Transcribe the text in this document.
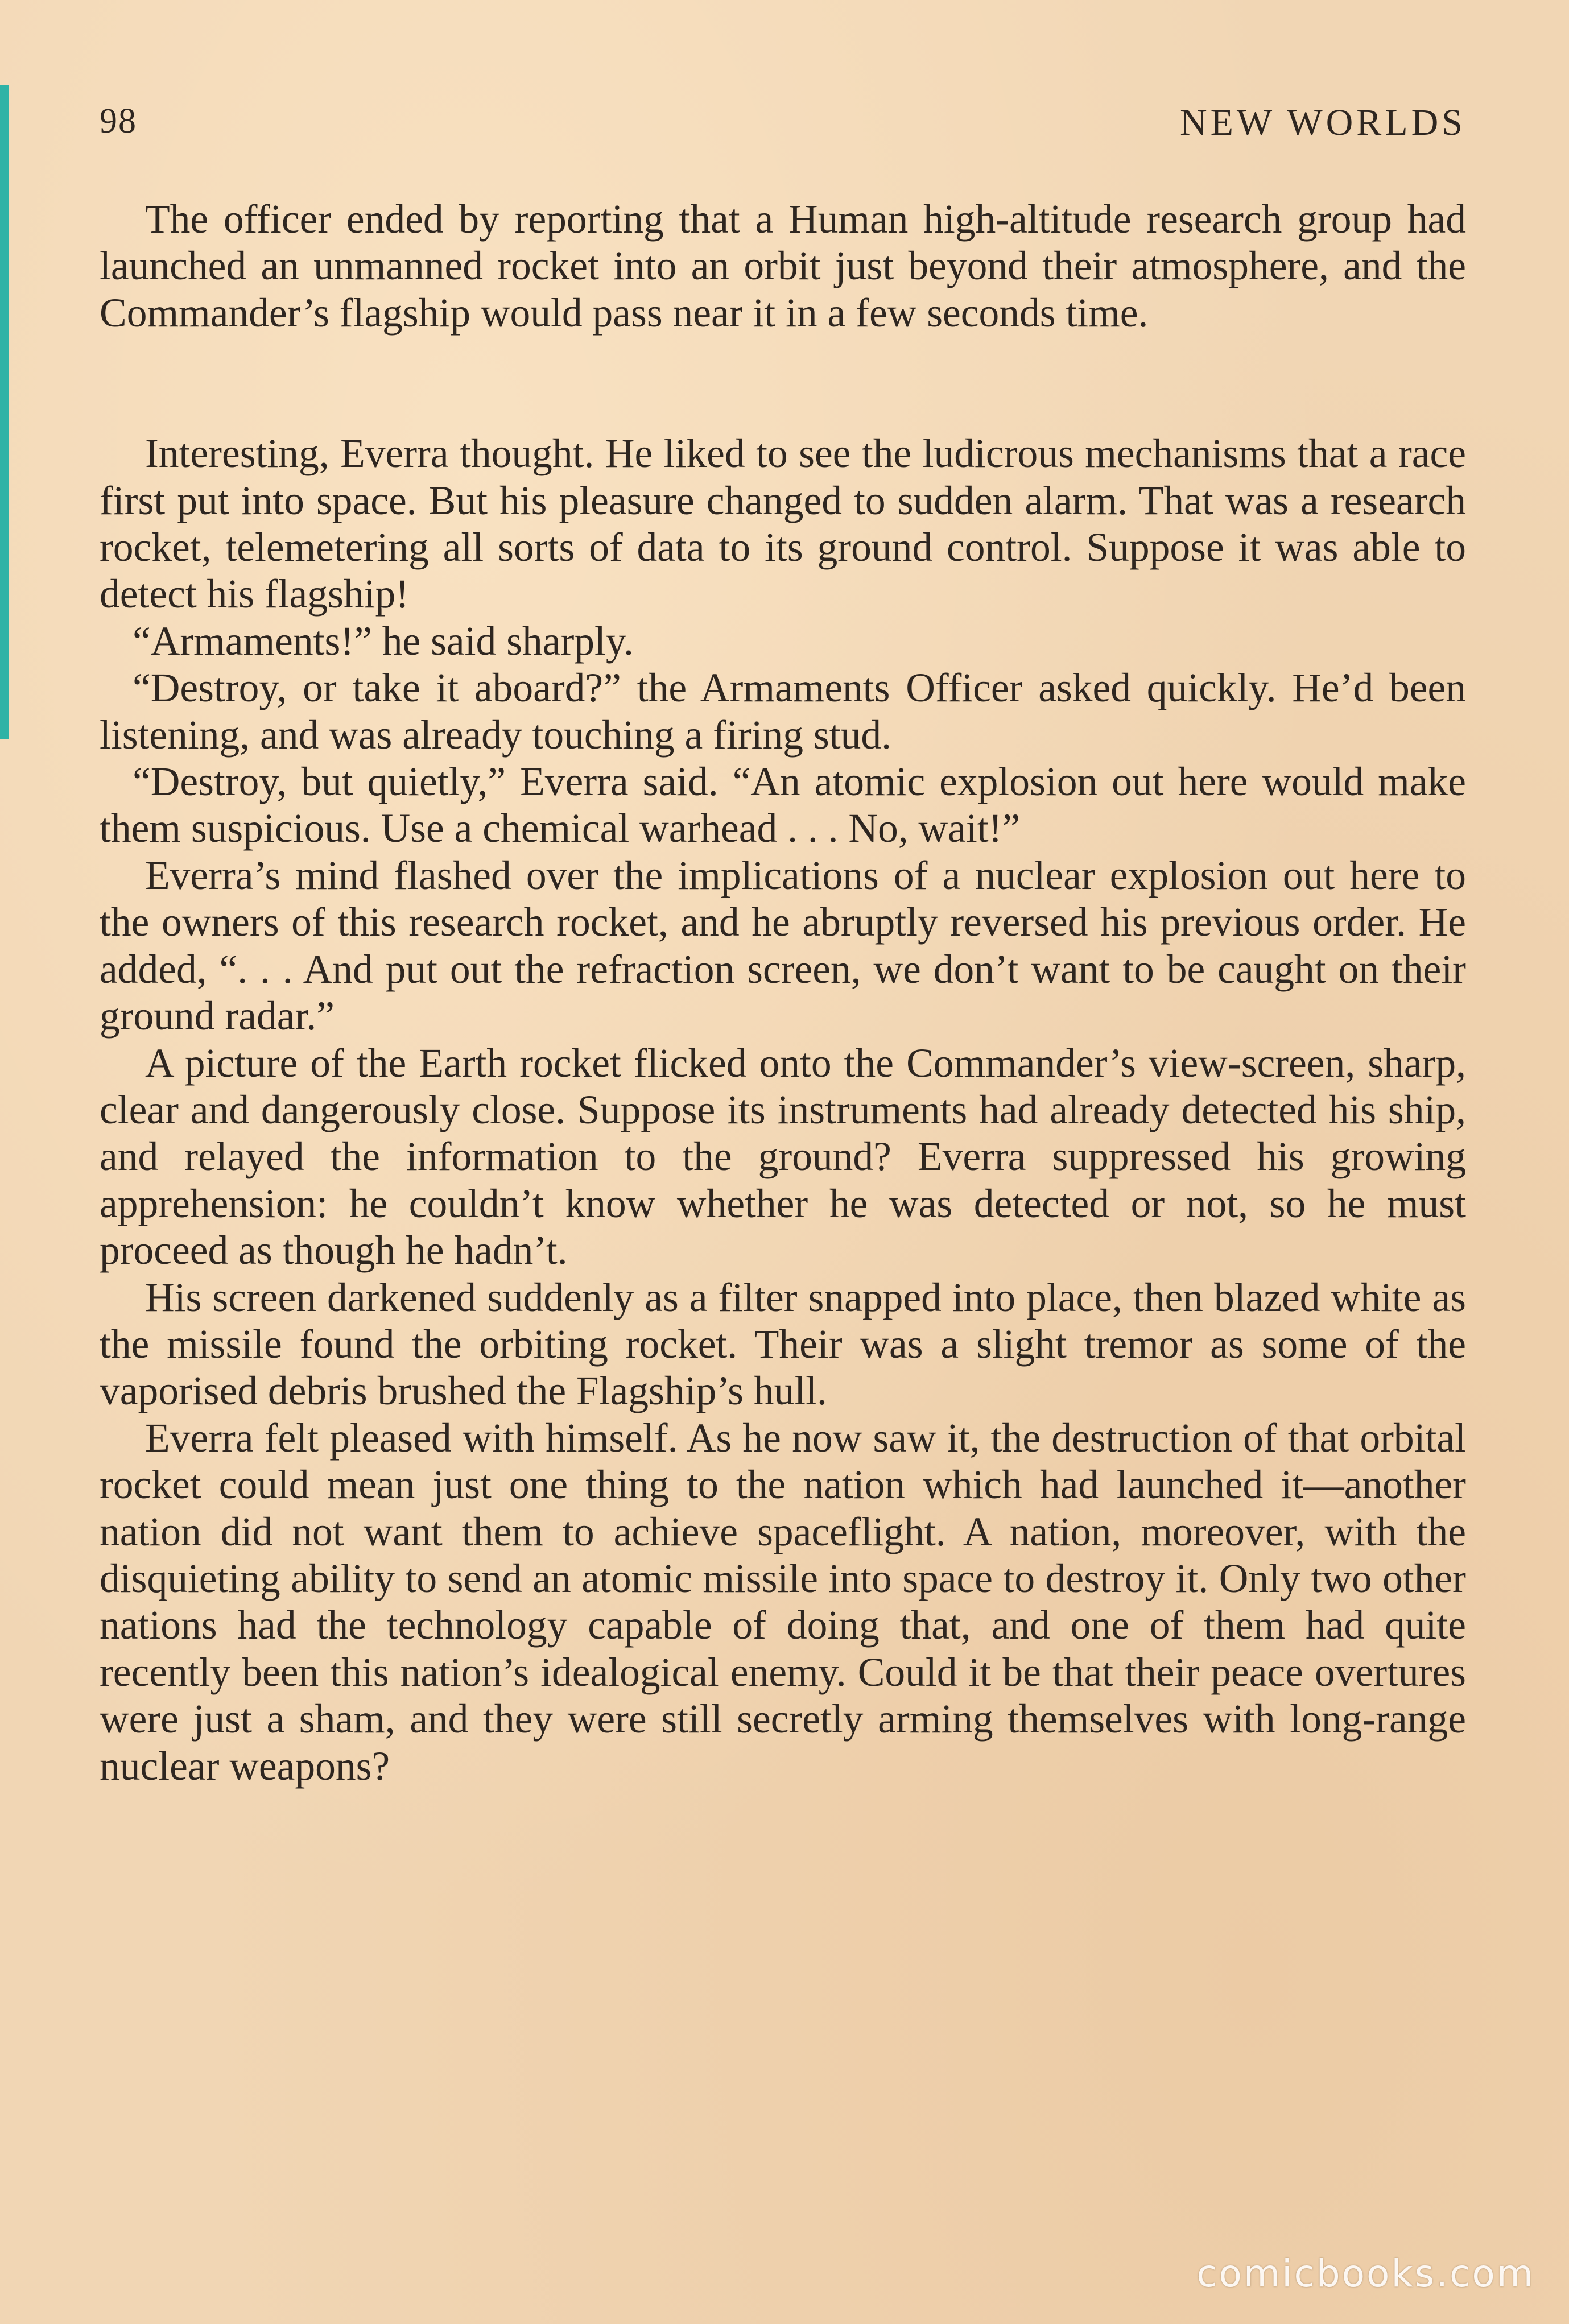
98	NEW WORLDS

The officer ended by reporting that a Human high-altitude research group had launched an unmanned rocket into an orbit just beyond their atmosphere, and the Commander’s flagship would pass near it in a few seconds time.

Interesting, Everra thought. He liked to see the ludicrous mechanisms that a race first put into space. But his pleasure changed to sudden alarm. That was a research rocket, telemetering all sorts of data to its ground control. Suppose it was able to detect his flagship!

“Armaments!” he said sharply.

“Destroy, or take it aboard?” the Armaments Officer asked quickly. He’d been listening, and was already touching a firing stud.

“Destroy, but quietly,” Everra said. “An atomic explosion out here would make them suspicious. Use a chemical warhead . . . No, wait!”

Everra’s mind flashed over the implications of a nuclear explosion out here to the owners of this research rocket, and he abruptly reversed his previous order. He added, “. . . And put out the refraction screen, we don’t want to be caught on their ground radar.”

A picture of the Earth rocket flicked onto the Commander’s view-screen, sharp, clear and dangerously close. Suppose its instruments had already detected his ship, and relayed the information to the ground? Everra suppressed his growing apprehension: he couldn’t know whether he was detected or not, so he must proceed as though he hadn’t.

His screen darkened suddenly as a filter snapped into place, then blazed white as the missile found the orbiting rocket. Their was a slight tremor as some of the vaporised debris brushed the Flagship’s hull.

Everra felt pleased with himself. As he now saw it, the destruction of that orbital rocket could mean just one thing to the nation which had launched it—another nation did not want them to achieve spaceflight. A nation, moreover, with the disquieting ability to send an atomic missile into space to destroy it. Only two other nations had the technology capable of doing that, and one of them had quite recently been this nation’s idealogical enemy. Could it be that their peace overtures were just a sham, and they were still secretly arming themselves with long-range nuclear weapons?

comicbooks.com
